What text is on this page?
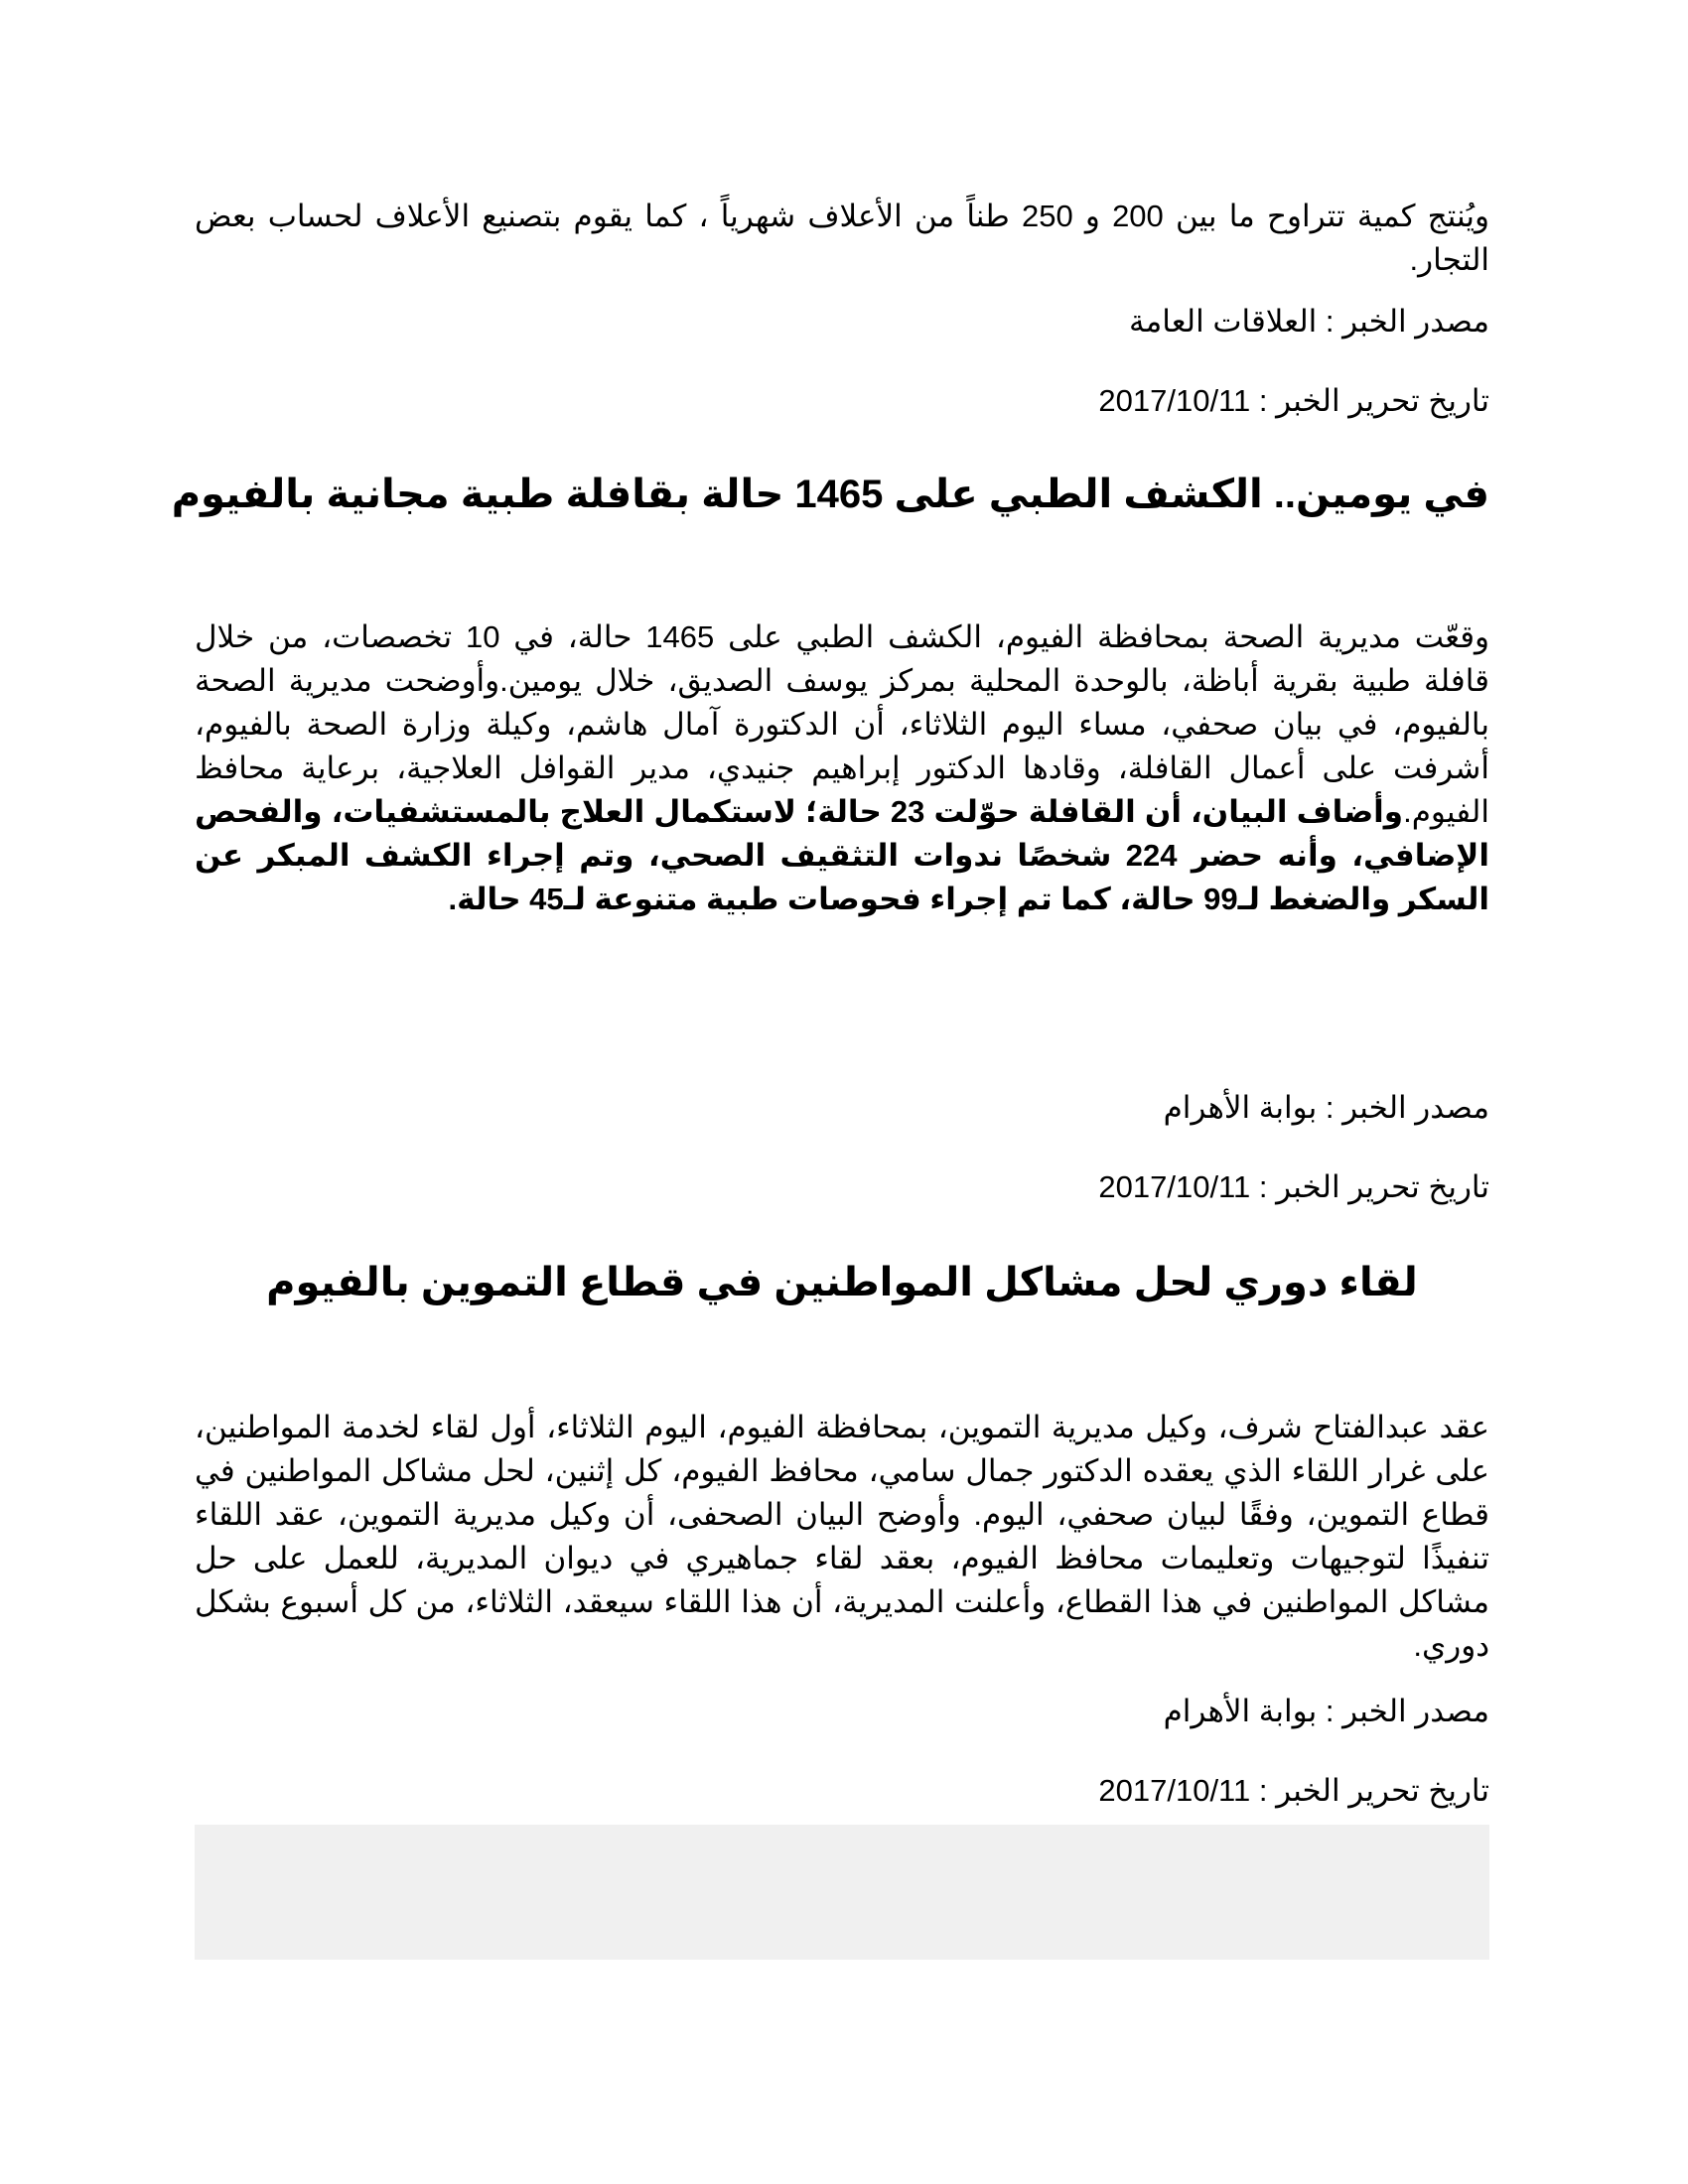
ويُنتج كمية تتراوح ما بين 200 و 250 طناً من الأعلاف شهرياً ، كما يقوم بتصنيع الأعلاف لحساب بعض التجار.

مصدر الخبر : العلاقات العامة

تاريخ تحرير الخبر : 2017/10/11

في يومين.. الكشف الطبي على 1465 حالة بقافلة طبية مجانية بالفيوم

وقعّت مديرية الصحة بمحافظة الفيوم، الكشف الطبي على 1465 حالة، في 10 تخصصات، من خلال قافلة طبية بقرية أباظة، بالوحدة المحلية بمركز يوسف الصديق، خلال يومين.وأوضحت مديرية الصحة بالفيوم، في بيان صحفي، مساء اليوم الثلاثاء، أن الدكتورة آمال هاشم، وكيلة وزارة الصحة بالفيوم، أشرفت على أعمال القافلة، وقادها الدكتور إبراهيم جنيدي، مدير القوافل العلاجية، برعاية محافظ الفيوم.وأضاف البيان، أن القافلة حوّلت 23 حالة؛ لاستكمال العلاج بالمستشفيات، والفحص الإضافي، وأنه حضر 224 شخصًا ندوات التثقيف الصحي، وتم إجراء الكشف المبكر عن السكر والضغط لـ99 حالة، كما تم إجراء فحوصات طبية متنوعة لـ45 حالة.

مصدر الخبر : بوابة الأهرام

تاريخ تحرير الخبر : 2017/10/11

لقاء دوري لحل مشاكل المواطنين في قطاع التموين بالفيوم

عقد عبدالفتاح شرف، وكيل مديرية التموين، بمحافظة الفيوم، اليوم الثلاثاء، أول لقاء لخدمة المواطنين، على غرار اللقاء الذي يعقده الدكتور جمال سامي، محافظ الفيوم، كل إثنين، لحل مشاكل المواطنين في قطاع التموين، وفقًا لبيان صحفي، اليوم. وأوضح البيان الصحفى، أن وكيل مديرية التموين، عقد اللقاء تنفيذًا لتوجيهات وتعليمات محافظ الفيوم، بعقد لقاء جماهيري في ديوان المديرية، للعمل على حل مشاكل المواطنين في هذا القطاع، وأعلنت المديرية، أن هذا اللقاء سيعقد، الثلاثاء، من كل أسبوع بشكل دوري.

مصدر الخبر : بوابة الأهرام

تاريخ تحرير الخبر : 2017/10/11
